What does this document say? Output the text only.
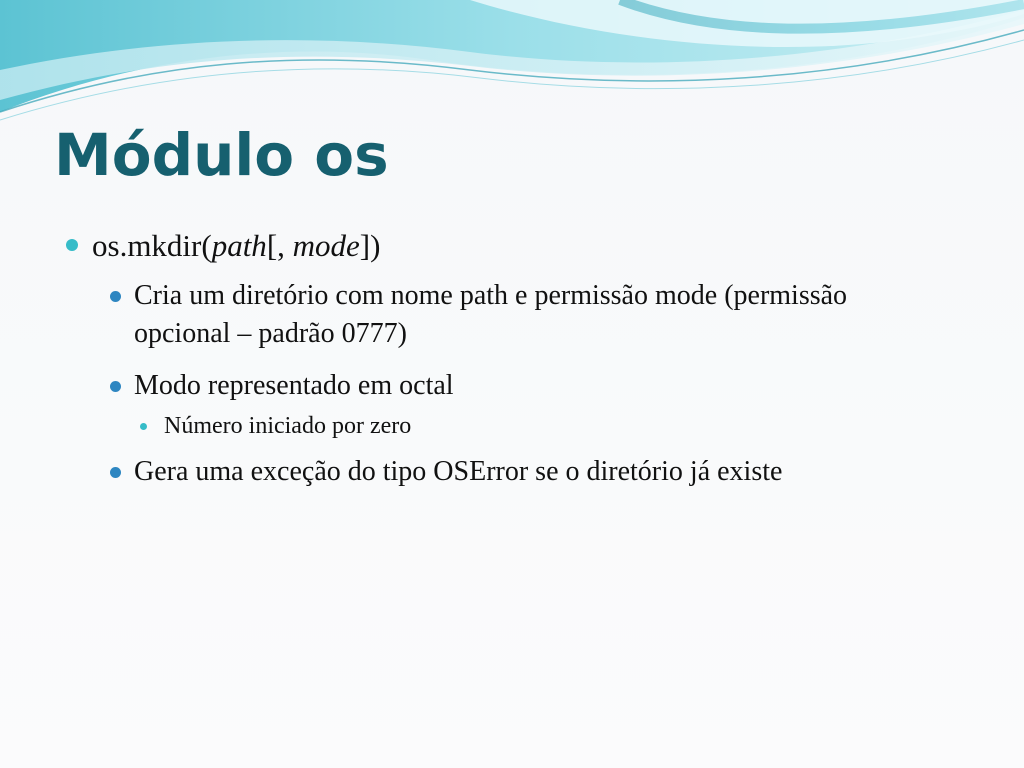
Módulo os
os.mkdir(path[, mode])
Cria um diretório com nome path e permissão mode (permissão opcional – padrão 0777)
Modo representado em octal
Número iniciado por zero
Gera uma exceção do tipo OSError se o diretório já existe
